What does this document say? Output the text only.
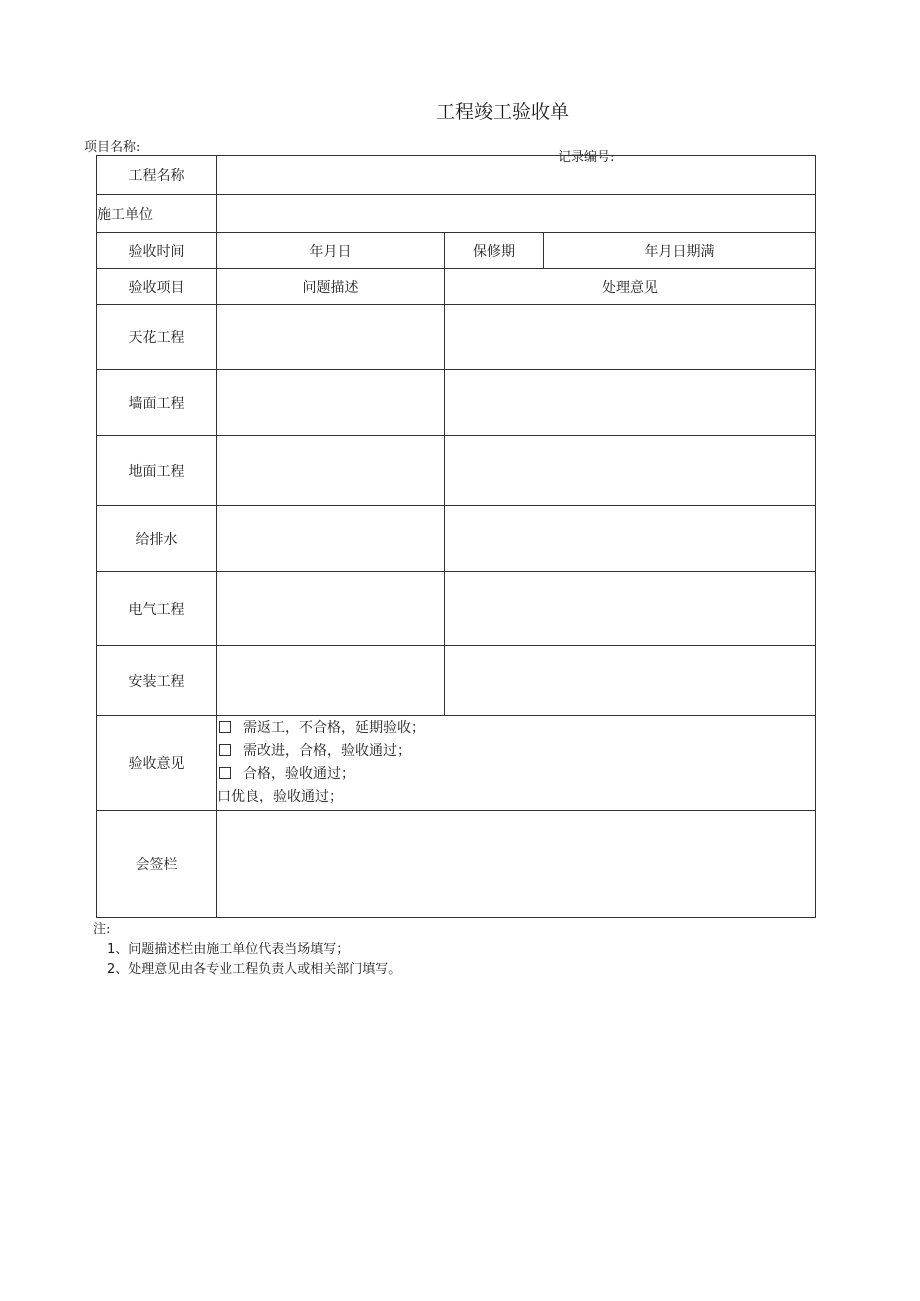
工程竣工验收单
项目名称:
记录编号:
工程名称			
施工单位			
验收时间	年月日	保修期	年月日期满
验收项目	问题描述	处理意见	
天花工程			
墙面工程			
地面工程			
给排水			
电气工程			
安装工程			
验收意见	需返工，不合格，延期验收；
需改进，合格，验收通过；
合格，验收通过；
口优良，验收通过；		

会签栏			
注:
1、问题描述栏由施工单位代表当场填写；
2、处理意见由各专业工程负责人或相关部门填写。
